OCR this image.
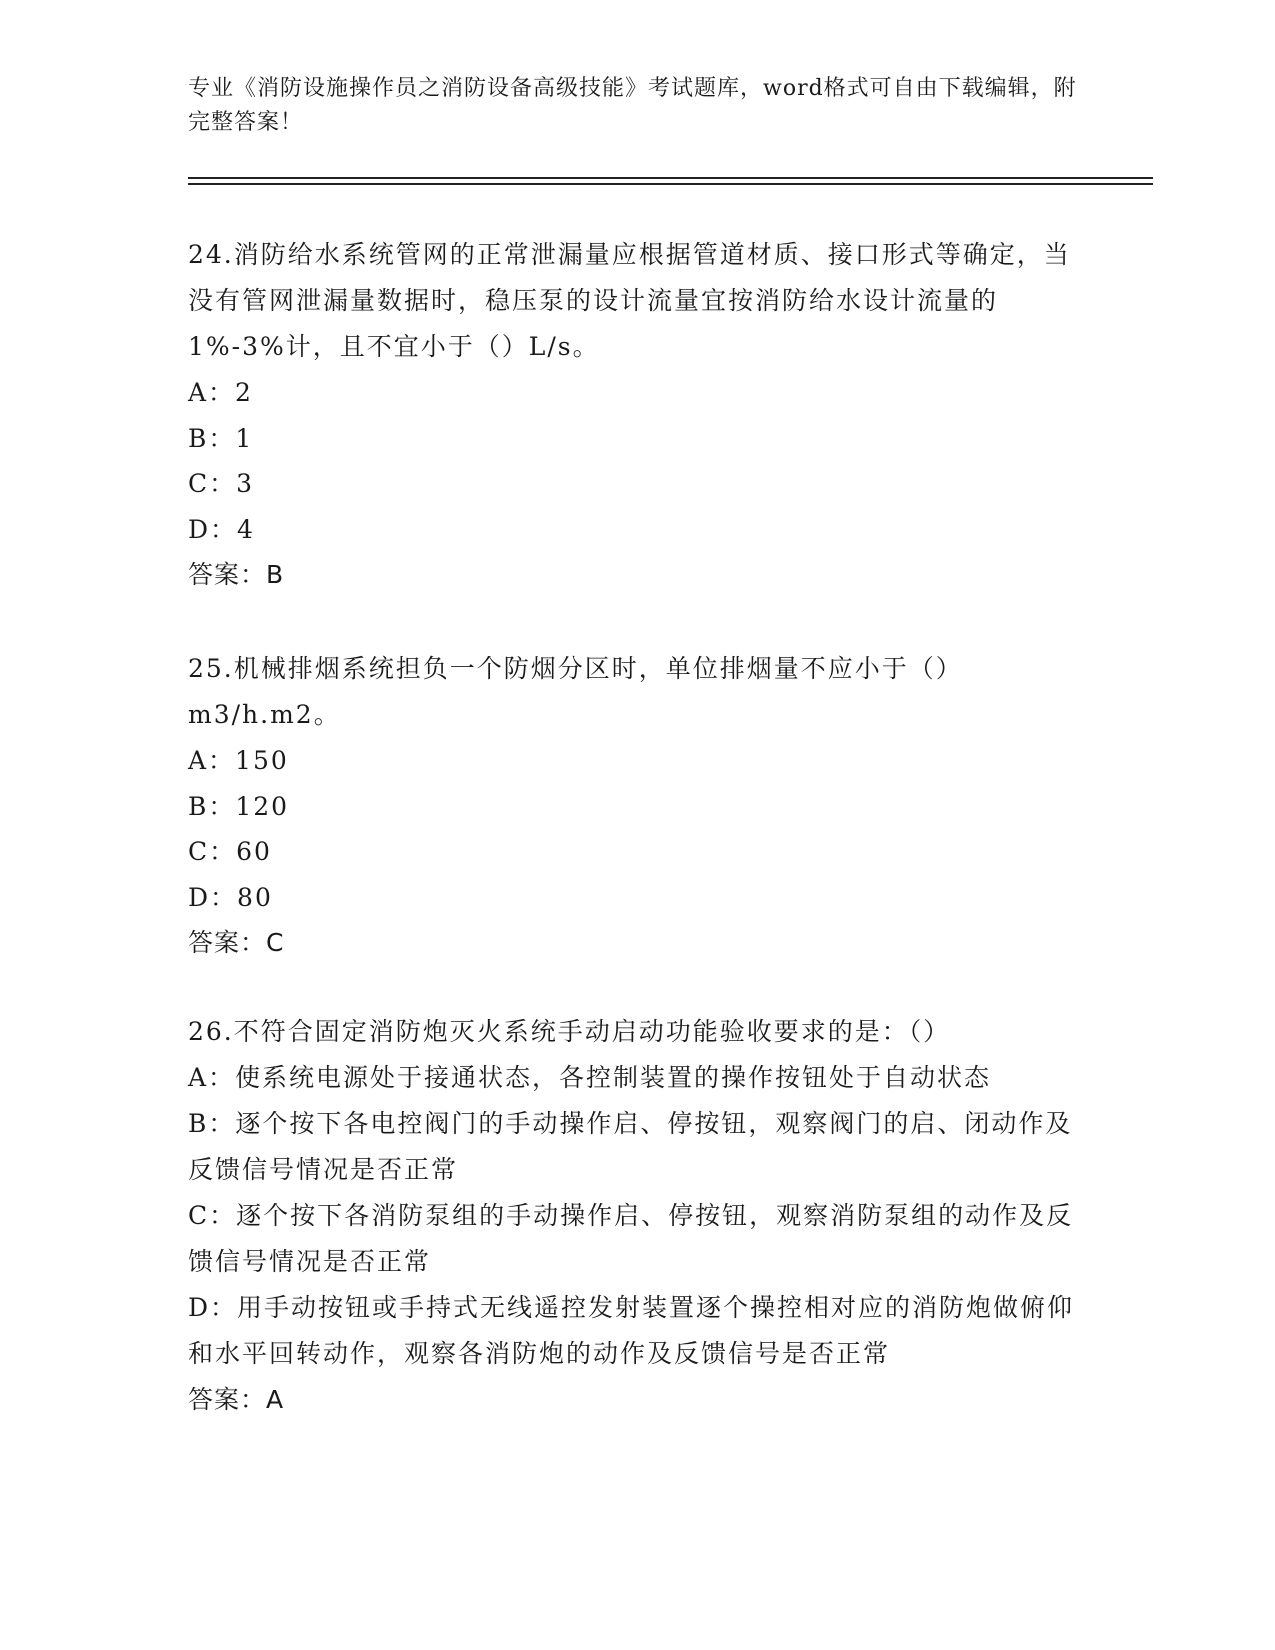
专业《消防设施操作员之消防设备高级技能》考试题库，word格式可自由下载编辑，附完整答案！

24.消防给水系统管网的正常泄漏量应根据管道材质、接口形式等确定，当没有管网泄漏量数据时，稳压泵的设计流量宜按消防给水设计流量的1%-3%计，且不宜小于（）L/s。

A：2

B：1

C：3

D：4

答案：B

25.机械排烟系统担负一个防烟分区时，单位排烟量不应小于（）m3/h.m2。

A：150

B：120

C：60

D：80

答案：C

26.不符合固定消防炮灭火系统手动启动功能验收要求的是：（）

A：使系统电源处于接通状态，各控制装置的操作按钮处于自动状态

B：逐个按下各电控阀门的手动操作启、停按钮，观察阀门的启、闭动作及反馈信号情况是否正常

C：逐个按下各消防泵组的手动操作启、停按钮，观察消防泵组的动作及反馈信号情况是否正常

D：用手动按钮或手持式无线遥控发射装置逐个操控相对应的消防炮做俯仰和水平回转动作，观察各消防炮的动作及反馈信号是否正常

答案：A
